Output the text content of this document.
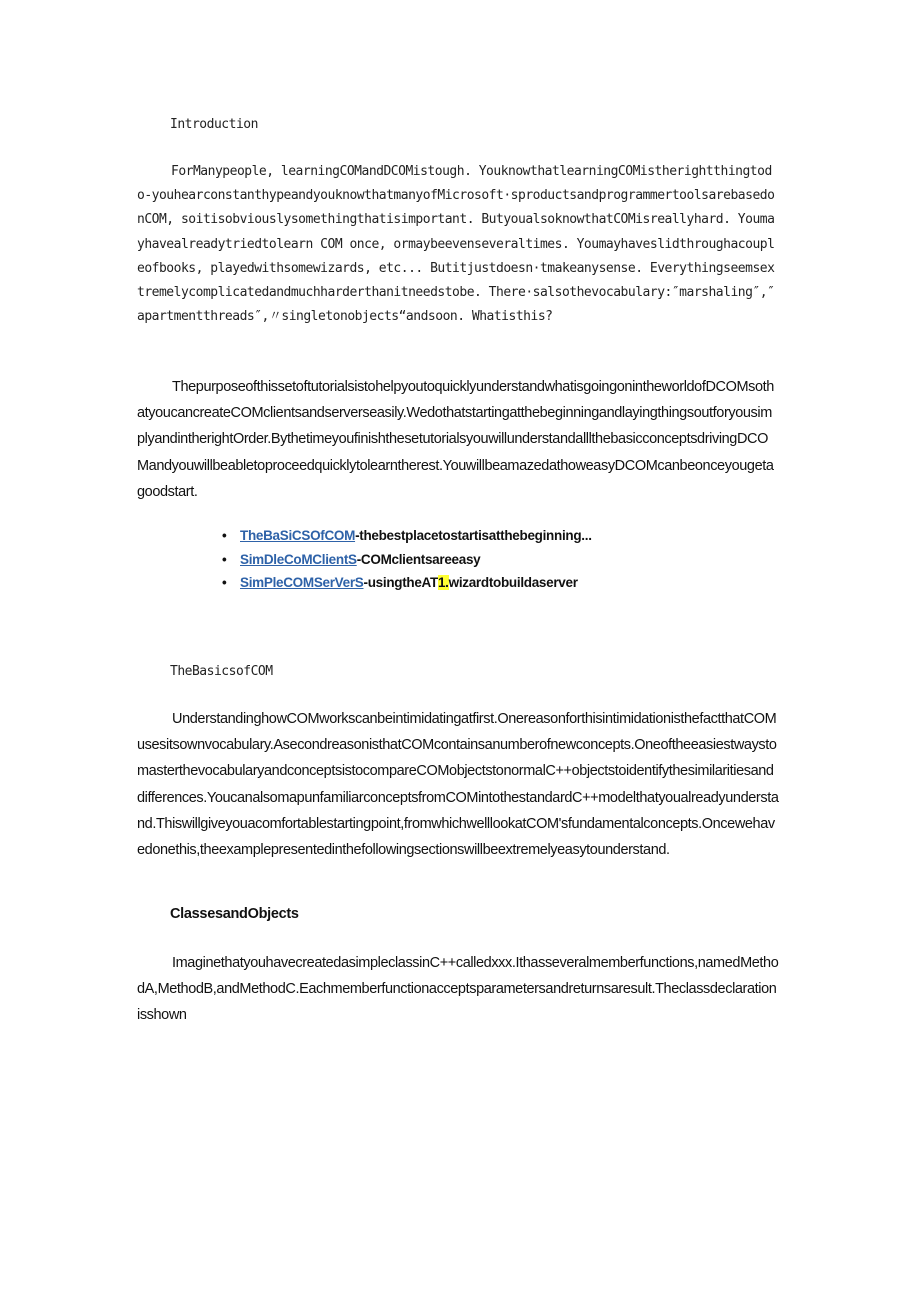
Introduction

ForManypeople, learningCOMandDCOMistough. YouknowthatlearningCOMistherightthingtodo-youhearconstanthypeandyouknowthatmanyofMicrosoft·sproductsandprogrammertoolsarebasedonCOM, soitisobviouslysomethingthatisimportant. ButyoualsoknowthatCOMisreallyhard. Youmayhavealreadytriedtolearn COM once, ormaybeevenseveraltimes. Youmayhaveslidthroughacoupleofbooks, playedwithsomewizards, etc... Butitjustdoesn·tmakeanysense. Everythingseemsextremelycomplicatedandmuchharderthanitneedstobe. There·salsothevocabulary:″marshaling″,″apartmentthreads″,〃singletonobjects“andsoon. Whatisthis?

ThepurposeofthissetoftutorialsistohelpyoutoquicklyunderstandwhatisgoingonintheworldofDCOMsothatyoucancreateCOMclientsandserverseasily.WedothatstartingatthebeginningandlayingthingsoutforyousimplyandintherightOrder.BythetimeyoufinishthesetutorialsyouwillunderstandalllthebasicconceptsdrivingDCOMandyouwillbeabletoproceedquicklytolearntherest.YouwillbeamazedathoweasyDCOMcanbeonceyougetagoodstart.

• TheBaSiCSOfCOM-thebestplacetostartisatthebeginning...
• SimDleCoMClientS-COMclientsareeasy
• SimPleCOMSerVerS-usingtheAT1.wizardtobuildaserver
TheBasicsofCOM

UnderstandinghowCOMworkscanbeintimidatingatfirst.OnereasonforthisintimidationisthefactthatCOMusesitsownvocabulary.AsecondreasonisthatCOMcontainsanumberofnewconcepts.OneoftheeasiestwaystomasterthevocabularyandconceptsistocompareCOMobjectstonormalC++objectstoidentifythesimilaritiesanddifferences.YoucanalsomapunfamiliarconceptsfromCOMintothestandardC++modelthatyoualreadyunderstand.Thiswillgiveyouacomfortablestartingpoint,fromwhichwelllookatCOM'sfundamentalconcepts.Oncewehavedonethis,theexamplepresentedinthefollowingsectionswillbeextremelyeasytounderstand.

ClassesandObjects

ImaginethatyouhavecreatedasimpleclassinC++calledxxx.Ithasseveralmemberfunctions,namedMethodA,MethodB,andMethodC.Eachmemberfunctionacceptsparametersandreturnsaresult.Theclassdeclarationisshown
